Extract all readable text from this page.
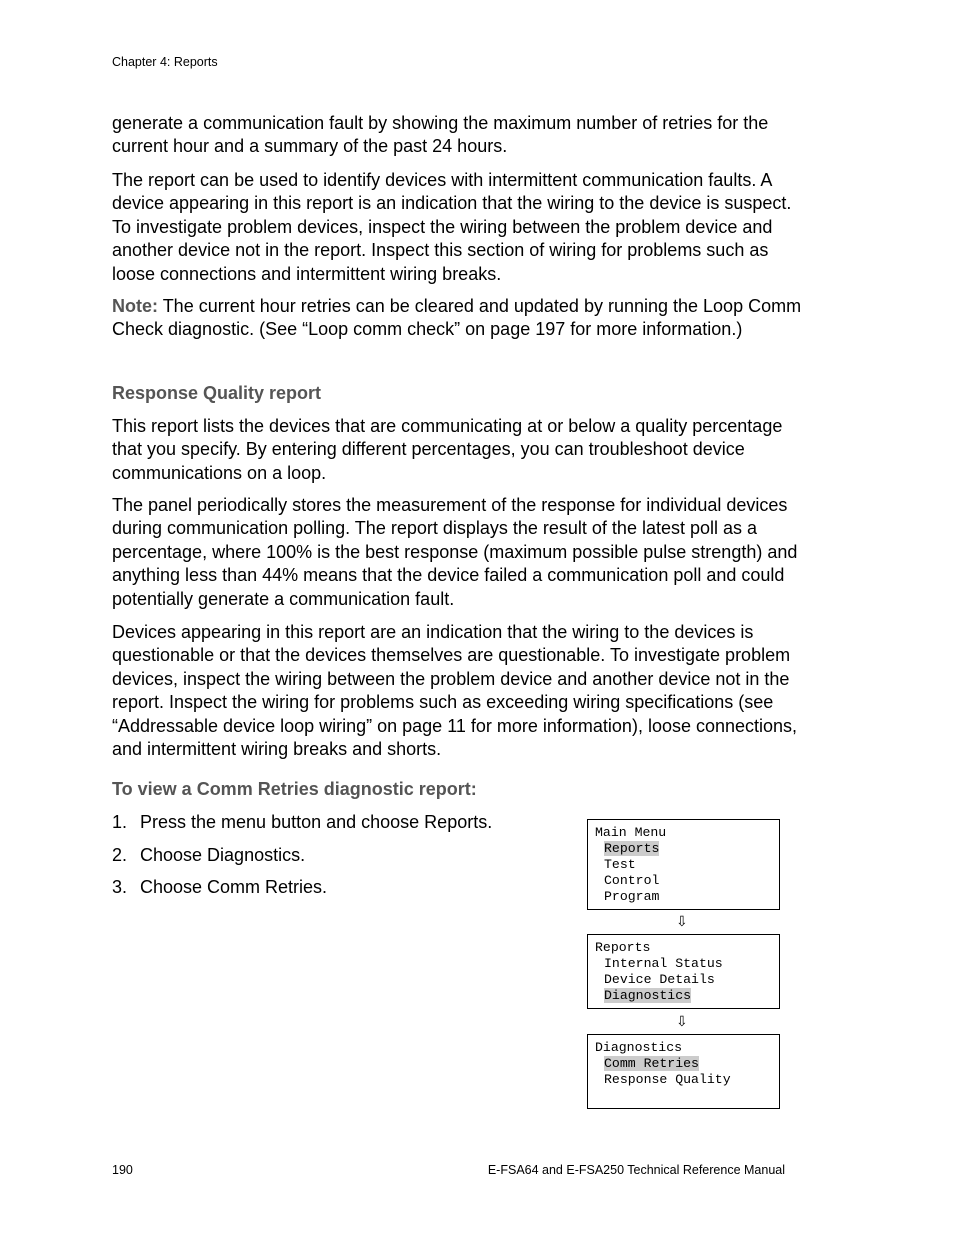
Chapter 4: Reports

generate a communication fault by showing the maximum number of retries for the current hour and a summary of the past 24 hours.

The report can be used to identify devices with intermittent communication faults. A device appearing in this report is an indication that the wiring to the device is suspect. To investigate problem devices, inspect the wiring between the problem device and another device not in the report. Inspect this section of wiring for problems such as loose connections and intermittent wiring breaks.

Note: The current hour retries can be cleared and updated by running the Loop Comm Check diagnostic. (See “Loop comm check” on page 197 for more information.)

Response Quality report

This report lists the devices that are communicating at or below a quality percentage that you specify. By entering different percentages, you can troubleshoot device communications on a loop.

The panel periodically stores the measurement of the response for individual devices during communication polling. The report displays the result of the latest poll as a percentage, where 100% is the best response (maximum possible pulse strength) and anything less than 44% means that the device failed a communication poll and could potentially generate a communication fault.

Devices appearing in this report are an indication that the wiring to the devices is questionable or that the devices themselves are questionable. To investigate problem devices, inspect the wiring between the problem device and another device not in the report. Inspect the wiring for problems such as exceeding wiring specifications (see “Addressable device loop wiring” on page 11 for more information), loose connections, and intermittent wiring breaks and shorts.

To view a Comm Retries diagnostic report:
1. Press the menu button and choose Reports.
2. Choose Diagnostics.
3. Choose Comm Retries.
Main Menu
Reports
Test
Control
Program
⇩
Reports
Internal Status
Device Details
Diagnostics
⇩
Diagnostics
Comm Retries
Response Quality
190	E-FSA64 and E-FSA250 Technical Reference Manual
